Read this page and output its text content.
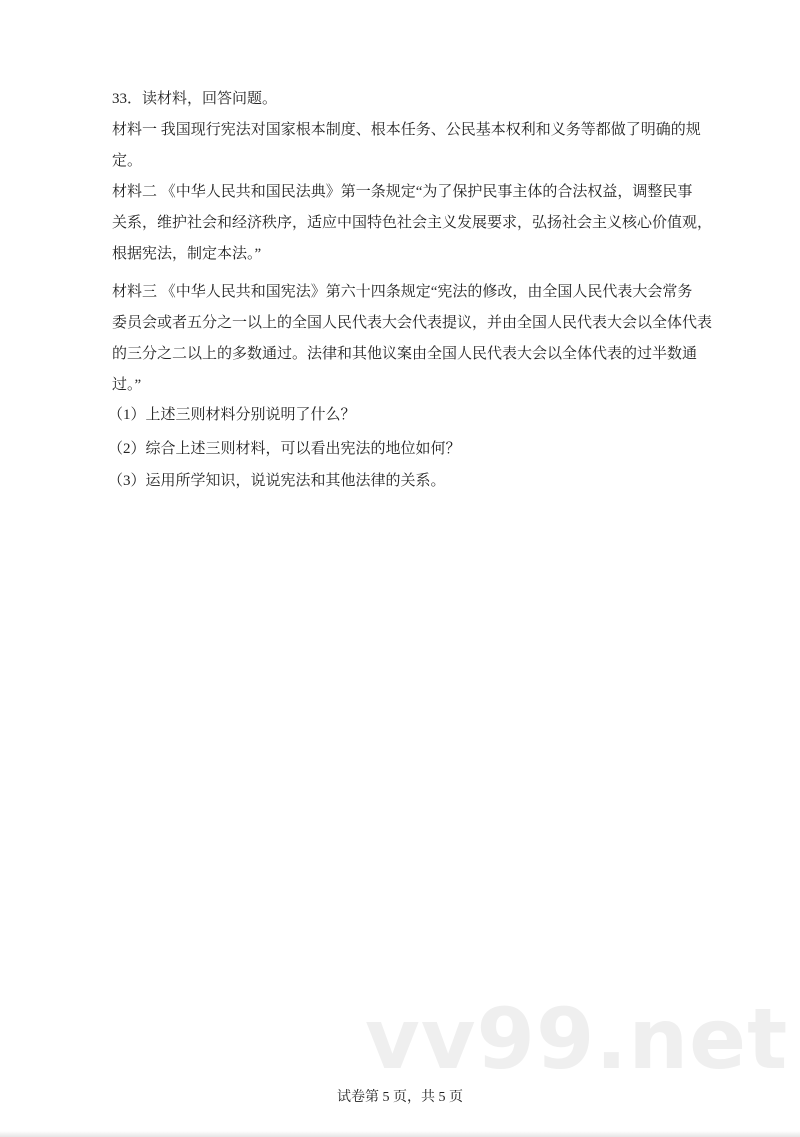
33．读材料，回答问题。
材料一 我国现行宪法对国家根本制度、根本任务、公民基本权利和义务等都做了明确的规
定。
材料二 《中华人民共和国民法典》第一条规定“为了保护民事主体的合法权益，调整民事
关系，维护社会和经济秩序，适应中国特色社会主义发展要求，弘扬社会主义核心价值观，
根据宪法，制定本法。”
材料三 《中华人民共和国宪法》第六十四条规定“宪法的修改，由全国人民代表大会常务
委员会或者五分之一以上的全国人民代表大会代表提议，并由全国人民代表大会以全体代表
的三分之二以上的多数通过。法律和其他议案由全国人民代表大会以全体代表的过半数通
过。”
（1）上述三则材料分别说明了什么？
（2）综合上述三则材料，可以看出宪法的地位如何？
（3）运用所学知识，说说宪法和其他法律的关系。
vv99.net
试卷第 5 页，共 5 页
